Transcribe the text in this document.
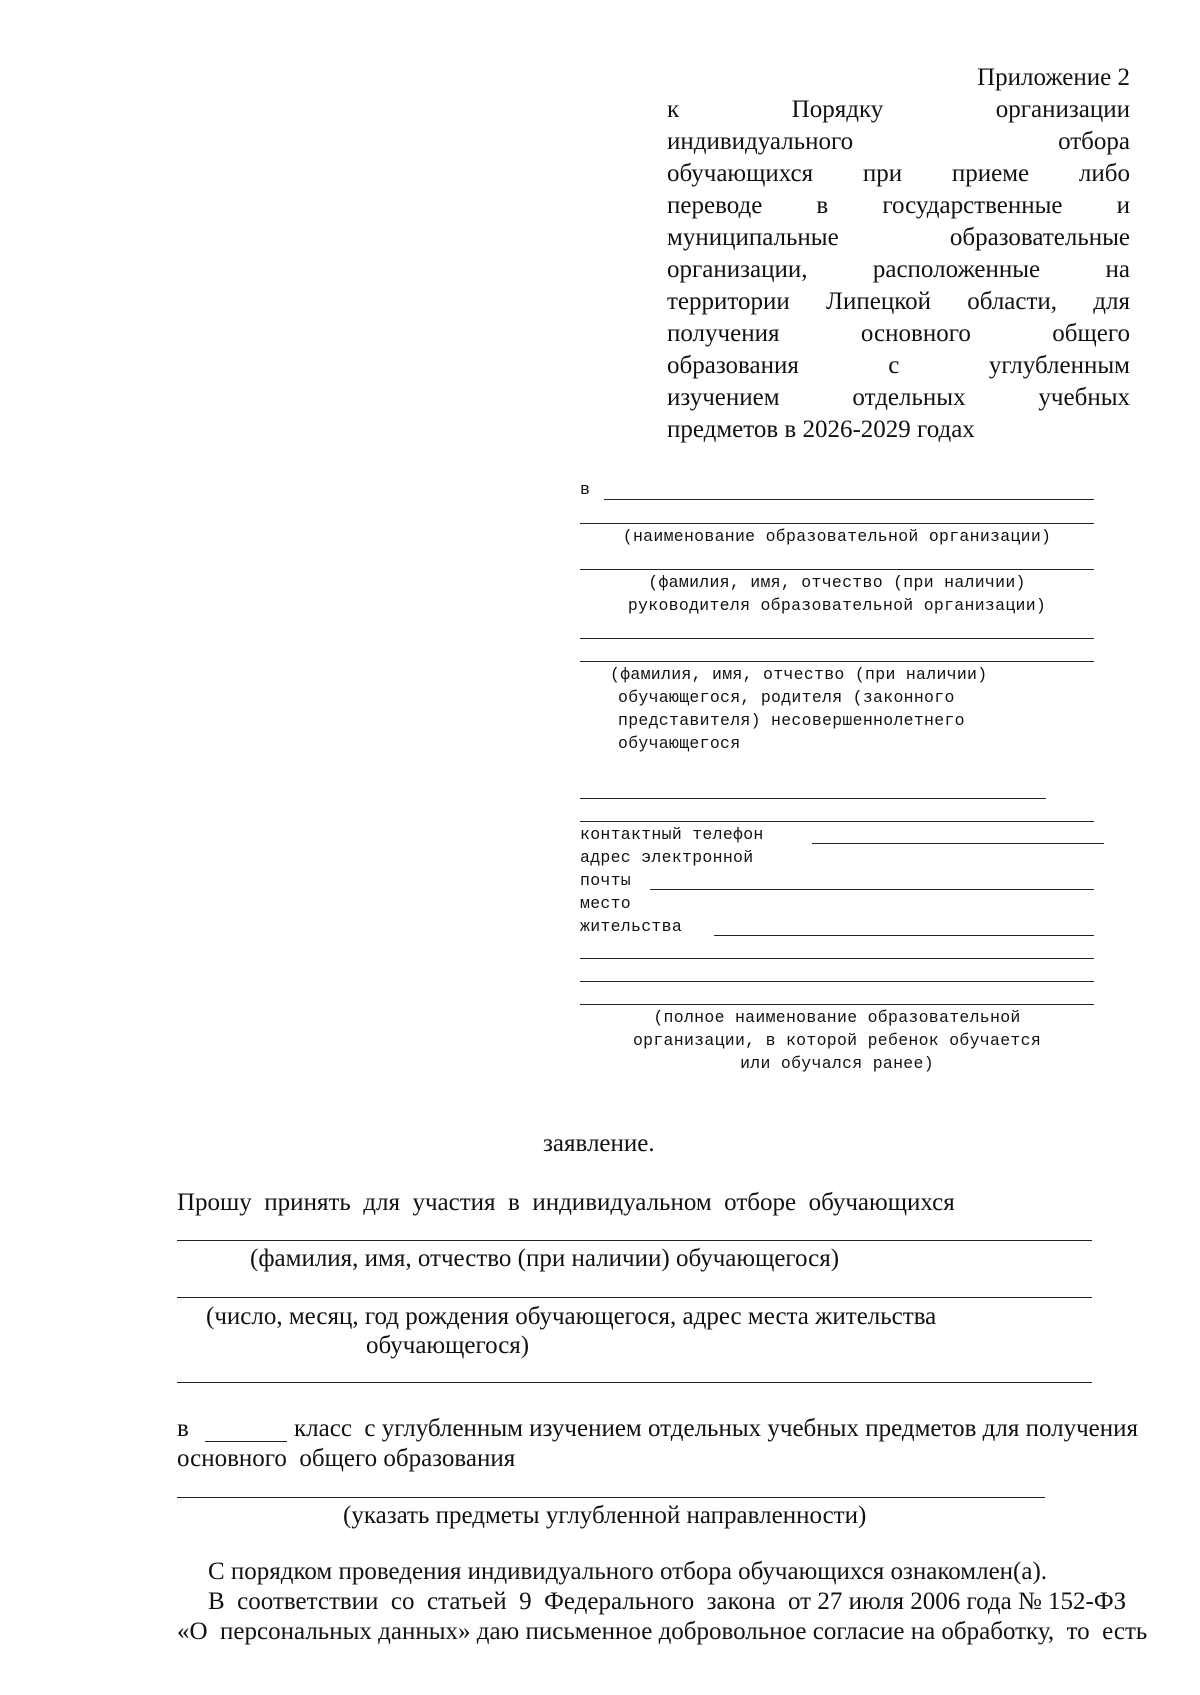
Приложение 2
к Порядку организации
индивидуального отбора
обучающихся при приеме либо
переводе в государственные и
муниципальные образовательные
организации, расположенные на
территории Липецкой области, для
получения основного общего
образования с углубленным
изучением отдельных учебных
предметов в 2026-2029 годах
в
(наименование образовательной организации)
(фамилия, имя, отчество (при наличии)
руководителя образовательной организации)
(фамилия, имя, отчество (при наличии)
обучающегося, родителя (законного
представителя) несовершеннолетнего
обучающегося
контактный телефон
адрес электронной
почты
место
жительства
(полное наименование образовательной
организации, в которой ребенок обучается
или обучался ранее)
заявление.
Прошу  принять  для  участия  в  индивидуальном  отборе  обучающихся
(фамилия, имя, отчество (при наличии) обучающегося)
(число, месяц, год рождения обучающегося, адрес места жительства
обучающегося)
в	класс  с углубленным изучением отдельных учебных предметов для получения
основного  общего образования
(указать предметы углубленной направленности)
С порядком проведения индивидуального отбора обучающихся ознакомлен(а).
В  соответствии  со  статьей  9  Федерального  закона  от 27 июля 2006 года № 152-ФЗ
«О  персональных данных» даю письменное добровольное согласие на обработку,  то  есть
